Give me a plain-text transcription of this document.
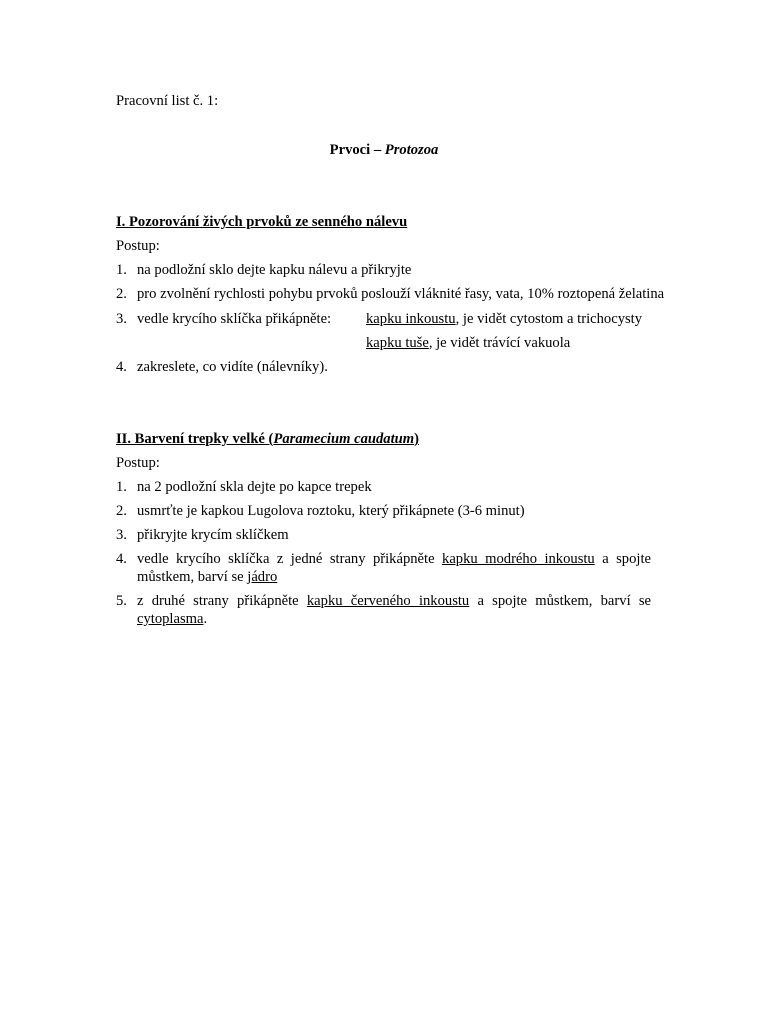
Pracovní list č. 1:
Prvoci – Protozoa
I. Pozorování živých prvoků ze senného nálevu
Postup:
1. na podložní sklo dejte kapku nálevu a přikryjte
2. pro zvolnění rychlosti pohybu prvoků poslouží vláknité řasy, vata, 10% roztopená želatina
3. vedle krycího sklíčka přikápněte: kapku inkoustu, je vidět cytostom a trichocysty
kapku tuše, je vidět trávící vakuola
4. zakreslete, co vidíte (nálevníky).
II. Barvení trepky velké (Paramecium caudatum)
Postup:
1. na 2 podložní skla dejte po kapce trepek
2. usmrťte je kapkou Lugolova roztoku, který přikápnete (3-6 minut)
3. přikryjte krycím sklíčkem
4. vedle krycího sklíčka z jedné strany přikápněte kapku modrého inkoustu a spojte
můstkem, barví se jádro
5. z druhé strany přikápněte kapku červeného inkoustu a spojte můstkem, barví se
cytoplasma.
